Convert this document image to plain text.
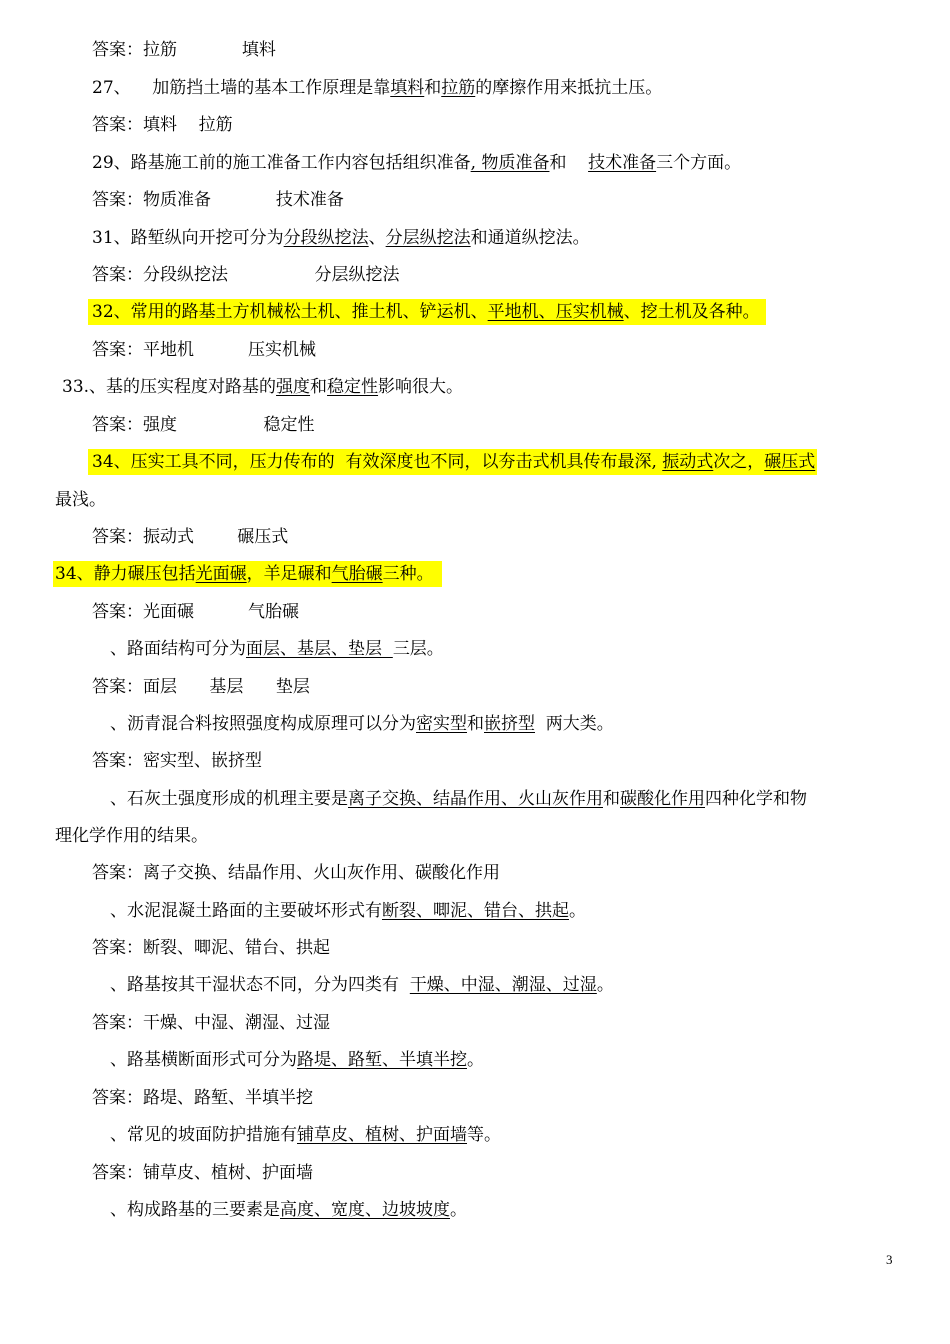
答案：拉筋            填料
27、    加筋挡土墙的基本工作原理是靠填料和拉筋的摩擦作用来抵抗土压。
答案：填料    拉筋
29、路基施工前的施工准备工作内容包括组织准备, 物质准备和    技术准备三个方面。
答案：物质准备            技术准备
31、路堑纵向开挖可分为分段纵挖法、分层纵挖法和通道纵挖法。
答案：分段纵挖法                分层纵挖法
32、常用的路基土方机械松土机、推土机、铲运机、平地机、压实机械、挖土机及各种。
答案：平地机          压实机械
33.、基的压实程度对路基的强度和稳定性影响很大。
答案：强度                稳定性
34、压实工具不同，压力传布的  有效深度也不同，以夯击式机具传布最深, 振动式次之，碾压式
最浅。
答案：振动式        碾压式
34、静力碾压包括光面碾，羊足碾和气胎碾三种。
答案：光面碾          气胎碾
、路面结构可分为面层、基层、垫层  三层。
答案：面层      基层      垫层
、沥青混合料按照强度构成原理可以分为密实型和嵌挤型  两大类。
答案：密实型、嵌挤型
、石灰土强度形成的机理主要是离子交换、结晶作用、火山灰作用和碳酸化作用四种化学和物
理化学作用的结果。
答案：离子交换、结晶作用、火山灰作用、碳酸化作用
、水泥混凝土路面的主要破坏形式有断裂、唧泥、错台、拱起。
答案：断裂、唧泥、错台、拱起
、路基按其干湿状态不同，分为四类有  干燥、中湿、潮湿、过湿。
答案：干燥、中湿、潮湿、过湿
、路基横断面形式可分为路堤、路堑、半填半挖。
答案：路堤、路堑、半填半挖
、常见的坡面防护措施有铺草皮、植树、护面墙等。
答案：铺草皮、植树、护面墙
、构成路基的三要素是高度、宽度、边坡坡度。
3
